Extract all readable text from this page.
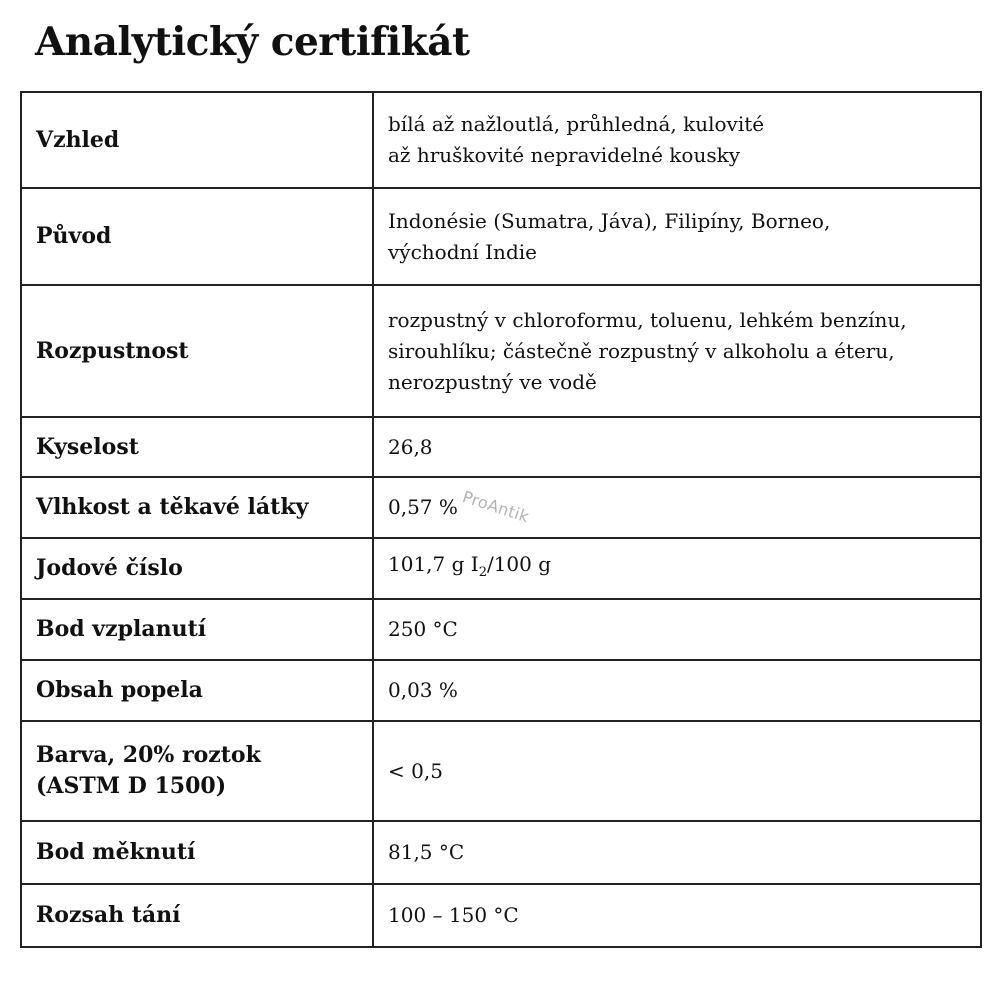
Analytický certifikát
Vzhled	bílá až nažloutlá, průhledná, kulovité
až hruškovité nepravidelné kousky

Původ	Indonésie (Sumatra, Jáva), Filipíny, Borneo,
východní Indie

Rozpustnost	rozpustný v chloroformu, toluenu, lehkém benzínu,
sirouhlíku; částečně rozpustný v alkoholu a éteru,
nerozpustný ve vodě

Kyselost	26,8

Vlhkost a těkavé látky	0,57 %

Jodové číslo	101,7 g $I_2/100$ g

Bod vzplanutí	250 °C

Obsah popela	0,03 %

Barva, 20% roztok
(ASTM D 1500)	< 0,5

Bod měknutí	81,5 °C

Rozsah tání	100 – 150 °C
ProAntik
